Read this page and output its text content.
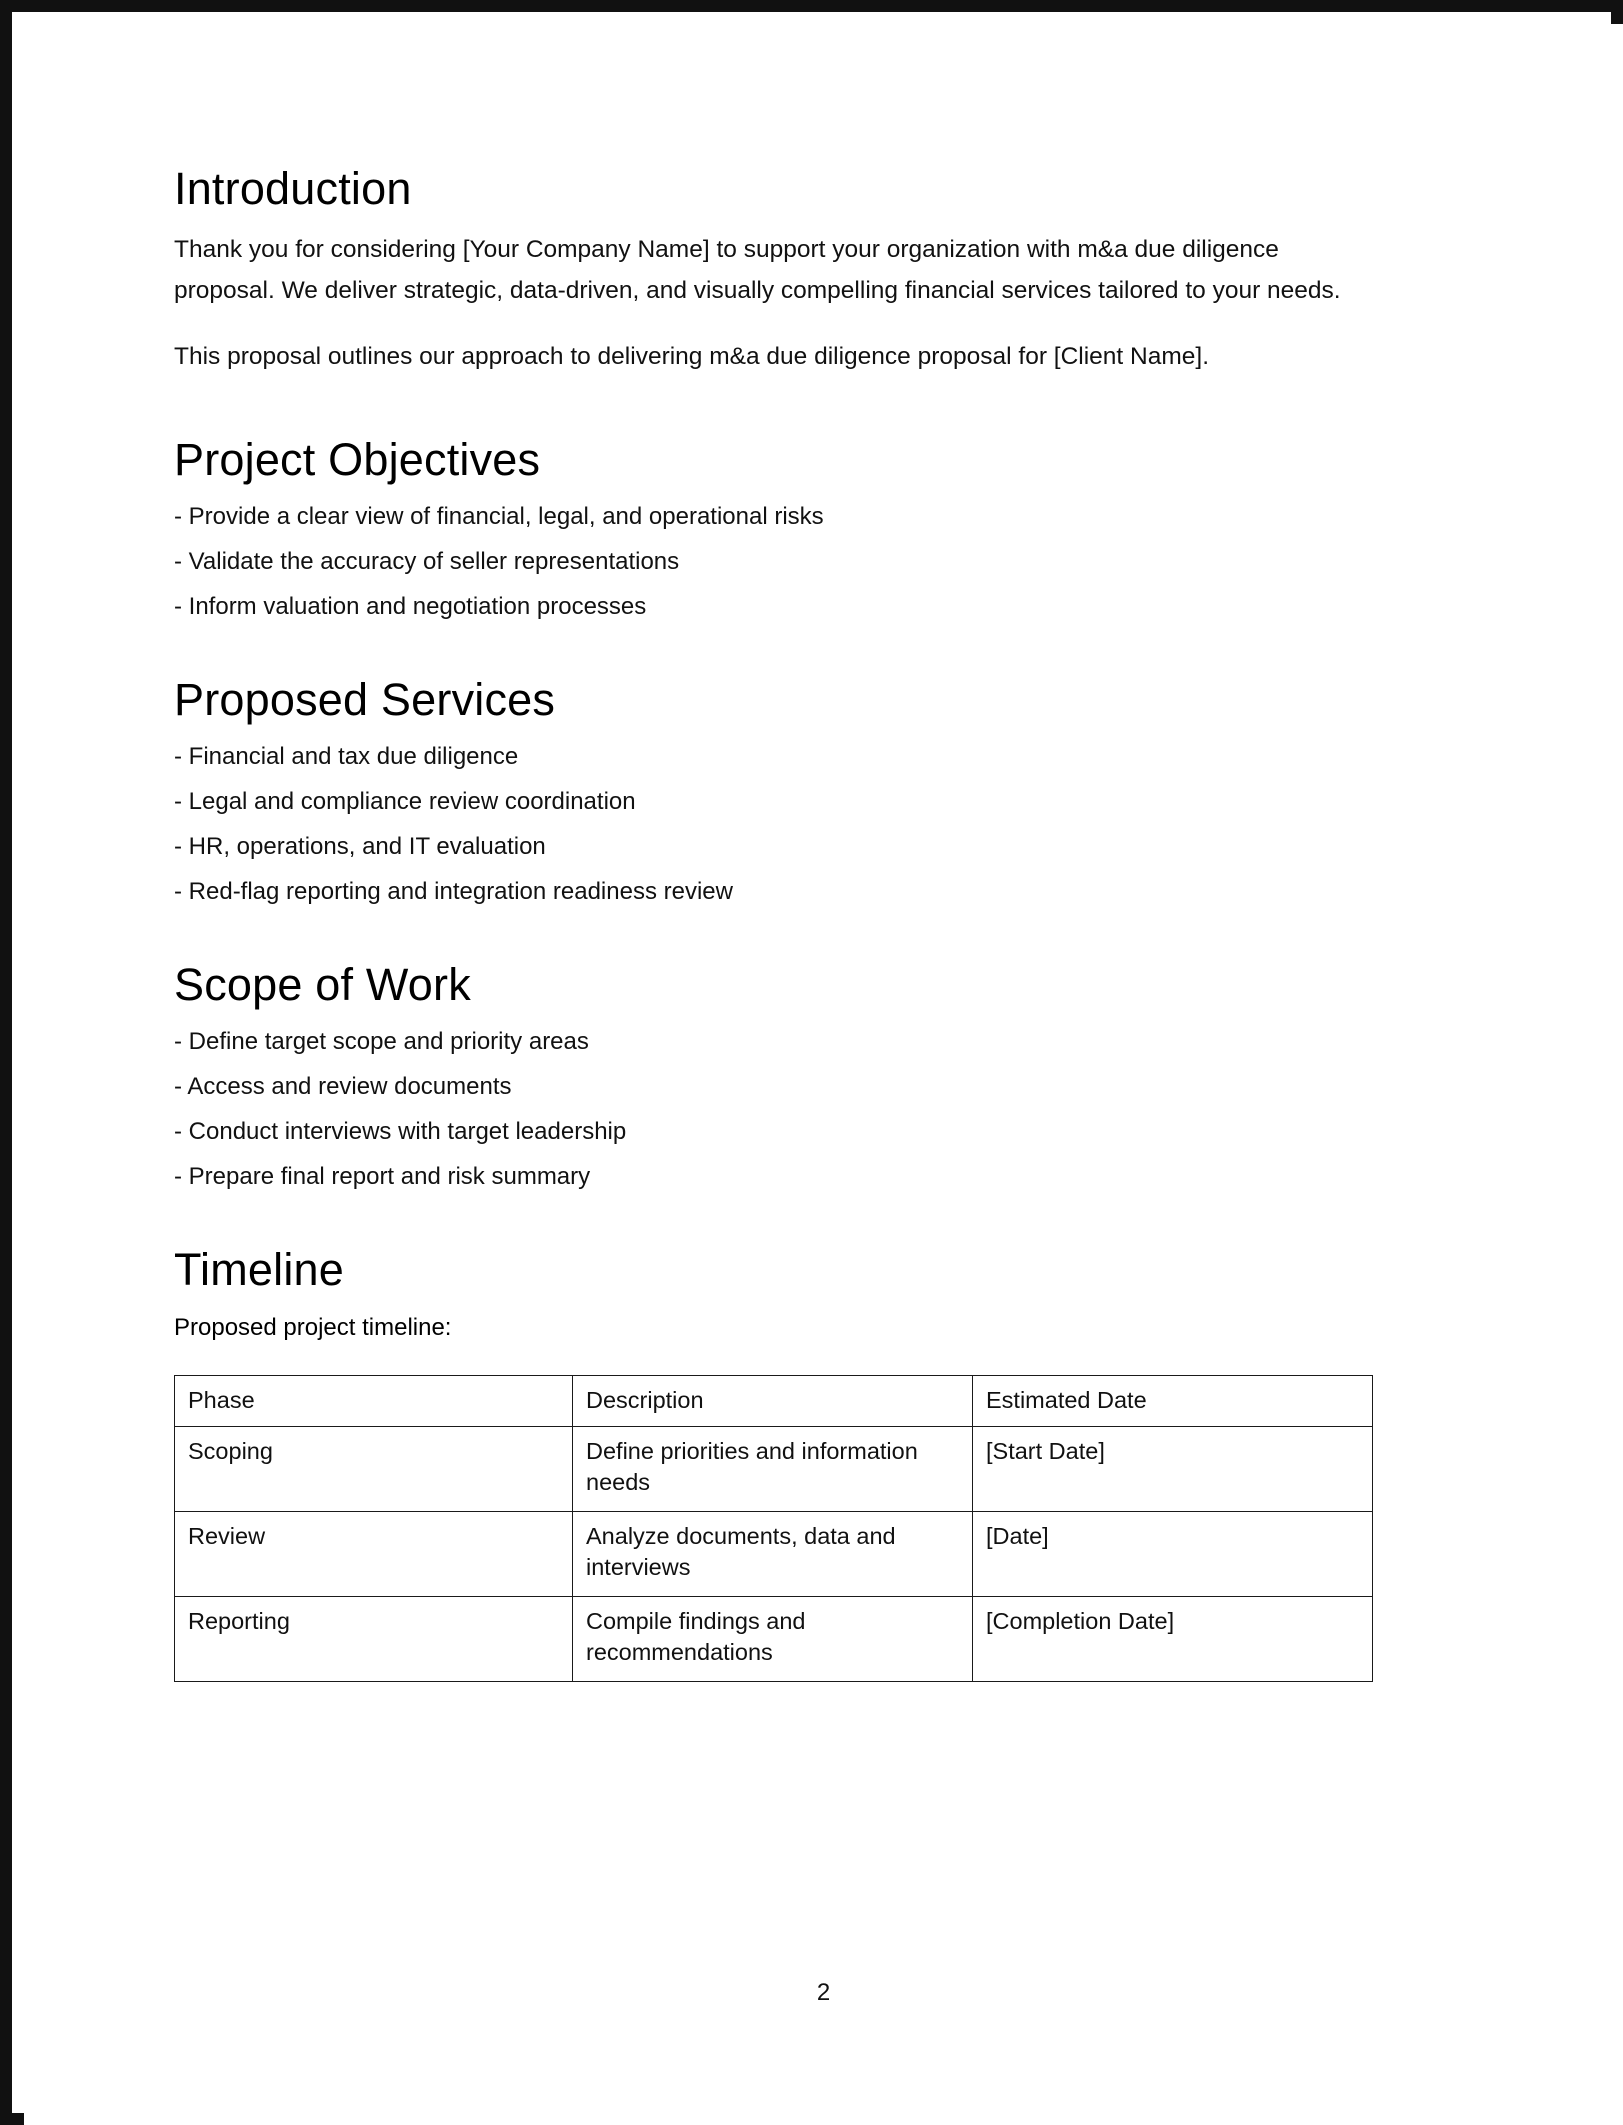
Introduction

Thank you for considering [Your Company Name] to support your organization with m&a due diligence proposal. We deliver strategic, data-driven, and visually compelling financial services tailored to your needs.

This proposal outlines our approach to delivering m&a due diligence proposal for [Client Name].

Project Objectives
- Provide a clear view of financial, legal, and operational risks
- Validate the accuracy of seller representations
- Inform valuation and negotiation processes
Proposed Services
- Financial and tax due diligence
- Legal and compliance review coordination
- HR, operations, and IT evaluation
- Red-flag reporting and integration readiness review
Scope of Work
- Define target scope and priority areas
- Access and review documents
- Conduct interviews with target leadership
- Prepare final report and risk summary
Timeline

Proposed project timeline:

Phase	Description	Estimated Date
Scoping	Define priorities and information needs	[Start Date]
Review	Analyze documents, data and interviews	[Date]
Reporting	Compile findings and recommendations	[Completion Date]
2
